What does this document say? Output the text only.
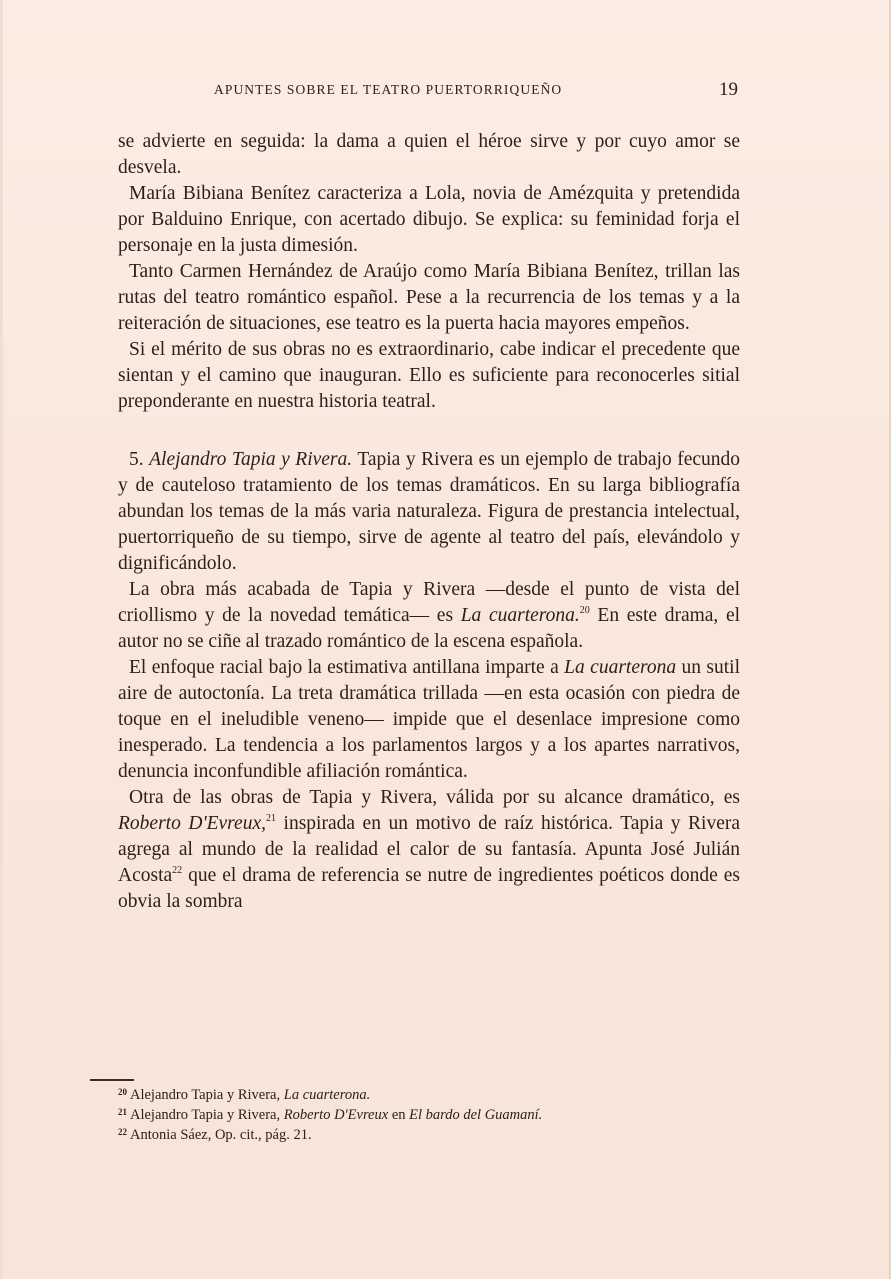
APUNTES SOBRE EL TEATRO PUERTORRIQUEÑO	19

se advierte en seguida: la dama a quien el héroe sirve y por cuyo amor se desvela.

María Bibiana Benítez caracteriza a Lola, novia de Amézquita y pretendida por Balduino Enrique, con acertado dibujo. Se explica: su feminidad forja el personaje en la justa dimesión.

Tanto Carmen Hernández de Araújo como María Bibiana Benítez, trillan las rutas del teatro romántico español. Pese a la recurrencia de los temas y a la reiteración de situaciones, ese teatro es la puerta hacia mayores empeños.

Si el mérito de sus obras no es extraordinario, cabe indicar el precedente que sientan y el camino que inauguran. Ello es suficiente para reconocerles sitial preponderante en nuestra historia teatral.

5. Alejandro Tapia y Rivera. Tapia y Rivera es un ejemplo de trabajo fecundo y de cauteloso tratamiento de los temas dramáticos. En su larga bibliografía abundan los temas de la más varia naturaleza. Figura de prestancia intelectual, puertorriqueño de su tiempo, sirve de agente al teatro del país, elevándolo y dignificándolo.

La obra más acabada de Tapia y Rivera —desde el punto de vista del criollismo y de la novedad temática— es La cuarterona.$^{20}$ En este drama, el autor no se ciñe al trazado romántico de la escena española.

El enfoque racial bajo la estimativa antillana imparte a La cuarterona un sutil aire de autoctonía. La treta dramática trillada —en esta ocasión con piedra de toque en el ineludible veneno— impide que el desenlace impresione como inesperado. La tendencia a los parlamentos largos y a los apartes narrativos, denuncia inconfundible afiliación romántica.

Otra de las obras de Tapia y Rivera, válida por su alcance dramático, es Roberto D'Evreux,$^{21}$ inspirada en un motivo de raíz histórica. Tapia y Rivera agrega al mundo de la realidad el calor de su fantasía. Apunta José Julián Acosta$^{22}$ que el drama de referencia se nutre de ingredientes poéticos donde es obvia la sombra

$^{20}$ Alejandro Tapia y Rivera, La cuarterona.
$^{21}$ Alejandro Tapia y Rivera, Roberto D'Evreux en El bardo del Guamaní.
$^{22}$ Antonia Sáez, Op. cit., pág. 21.
